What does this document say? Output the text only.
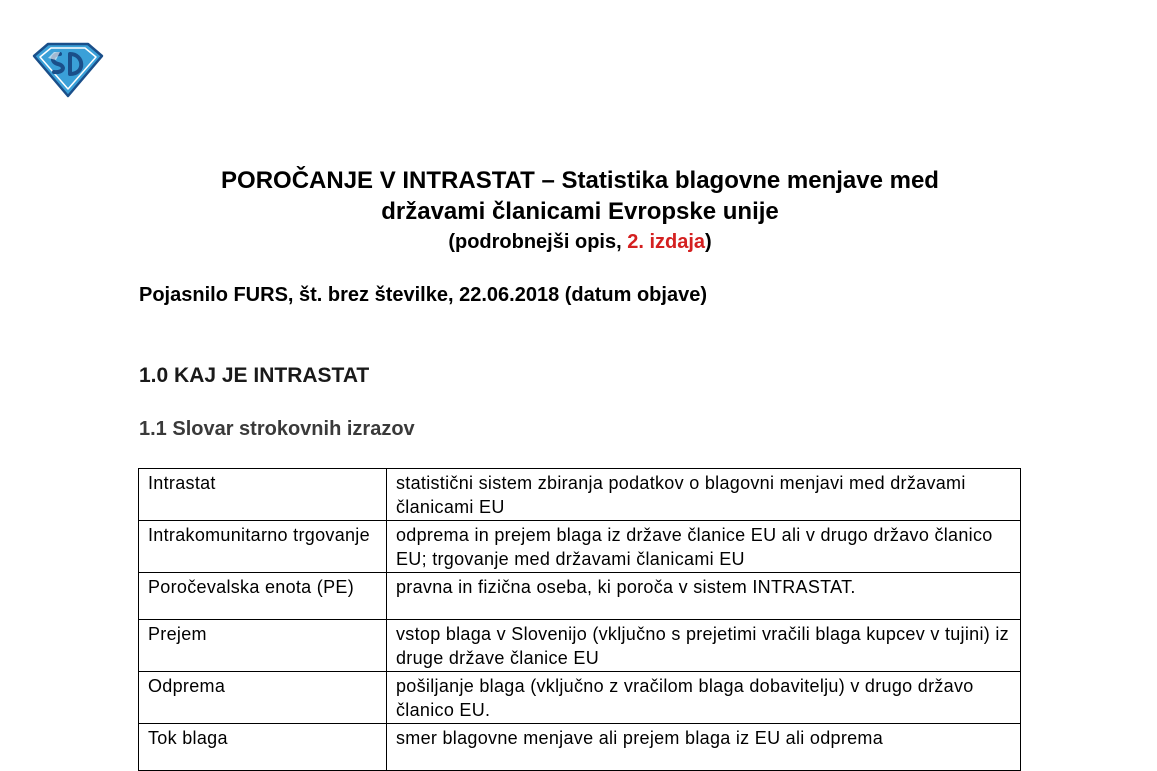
POROČANJE V INTRASTAT – Statistika blagovne menjave med
državami članicami Evropske unije
(podrobnejši opis, 2. izdaja)
Pojasnilo FURS, št. brez številke, 22.06.2018 (datum objave)
1.0 KAJ JE INTRASTAT
1.1 Slovar strokovnih izrazov
Intrastat	statistični sistem zbiranja podatkov o blagovni menjavi med državami članicami EU
Intrakomunitarno trgovanje	odprema in prejem blaga iz države članice EU ali v drugo državo članico EU; trgovanje med državami članicami EU
Poročevalska enota (PE)	pravna in fizična oseba, ki poroča v sistem INTRASTAT.
Prejem	vstop blaga v Slovenijo (vključno s prejetimi vračili blaga kupcev v tujini) iz druge države članice EU
Odprema	pošiljanje blaga (vključno z vračilom blaga dobavitelju) v drugo državo članico EU.
Tok blaga	smer blagovne menjave ali prejem blaga iz EU ali odprema
